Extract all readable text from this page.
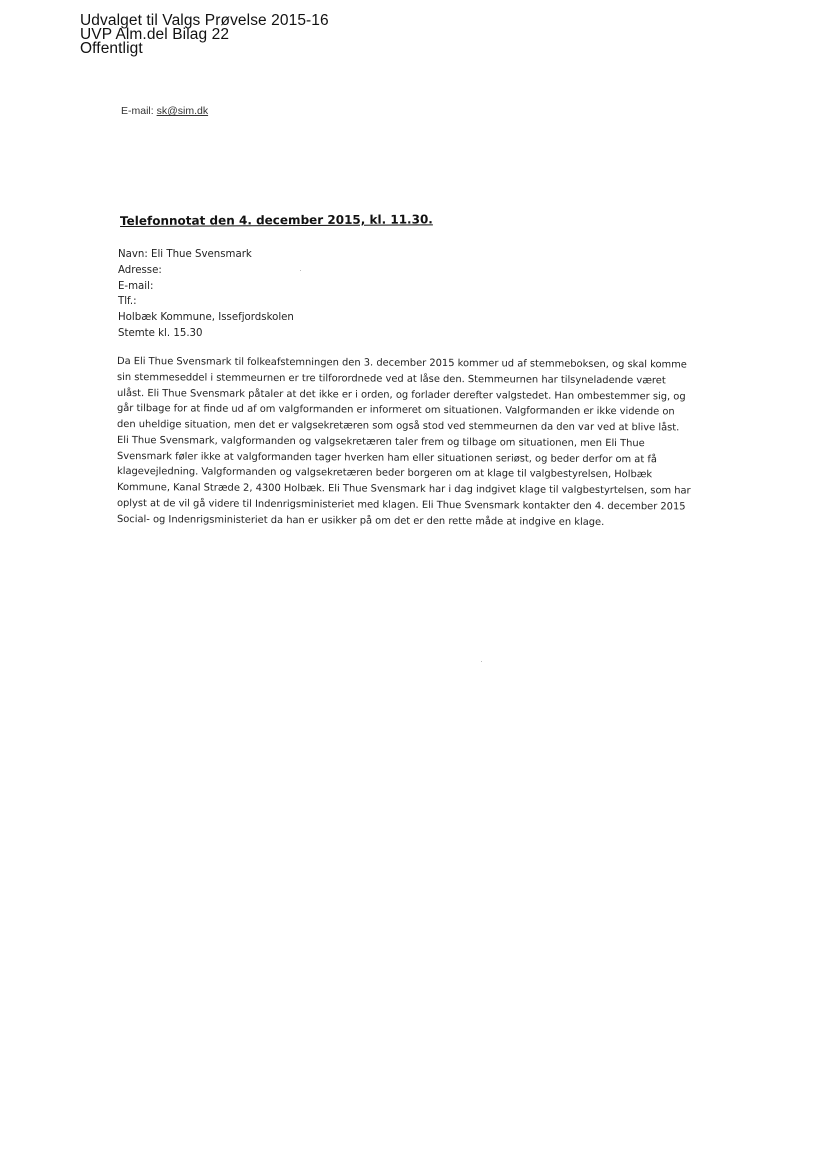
Udvalget til Valgs Prøvelse 2015-16
UVP Alm.del Bilag 22
Offentligt
E-mail: sk@sim.dk
Telefonnotat den 4. december 2015, kl. 11.30.
Navn: Eli Thue Svensmark
Adresse:
E-mail:
Tlf.:
Holbæk Kommune, Issefjordskolen
Stemte kl. 15.30
Da Eli Thue Svensmark til folkeafstemningen den 3. december 2015 kommer ud af stemmeboksen, og skal komme
sin stemmeseddel i stemmeurnen er tre tilforordnede ved at låse den. Stemmeurnen har tilsyneladende været
ulåst. Eli Thue Svensmark påtaler at det ikke er i orden, og forlader derefter valgstedet. Han ombestemmer sig, og
går tilbage for at finde ud af om valgformanden er informeret om situationen. Valgformanden er ikke vidende on
den uheldige situation, men det er valgsekretæren som også stod ved stemmeurnen da den var ved at blive låst.
Eli Thue Svensmark, valgformanden og valgsekretæren taler frem og tilbage om situationen, men Eli Thue
Svensmark føler ikke at valgformanden tager hverken ham eller situationen seriøst, og beder derfor om at få
klagevejledning. Valgformanden og valgsekretæren beder borgeren om at klage til valgbestyrelsen, Holbæk
Kommune, Kanal Stræde 2, 4300 Holbæk. Eli Thue Svensmark har i dag indgivet klage til valgbestyrtelsen, som har
oplyst at de vil gå videre til Indenrigsministeriet med klagen. Eli Thue Svensmark kontakter den 4. december 2015
Social- og Indenrigsministeriet da han er usikker på om det er den rette måde at indgive en klage.
